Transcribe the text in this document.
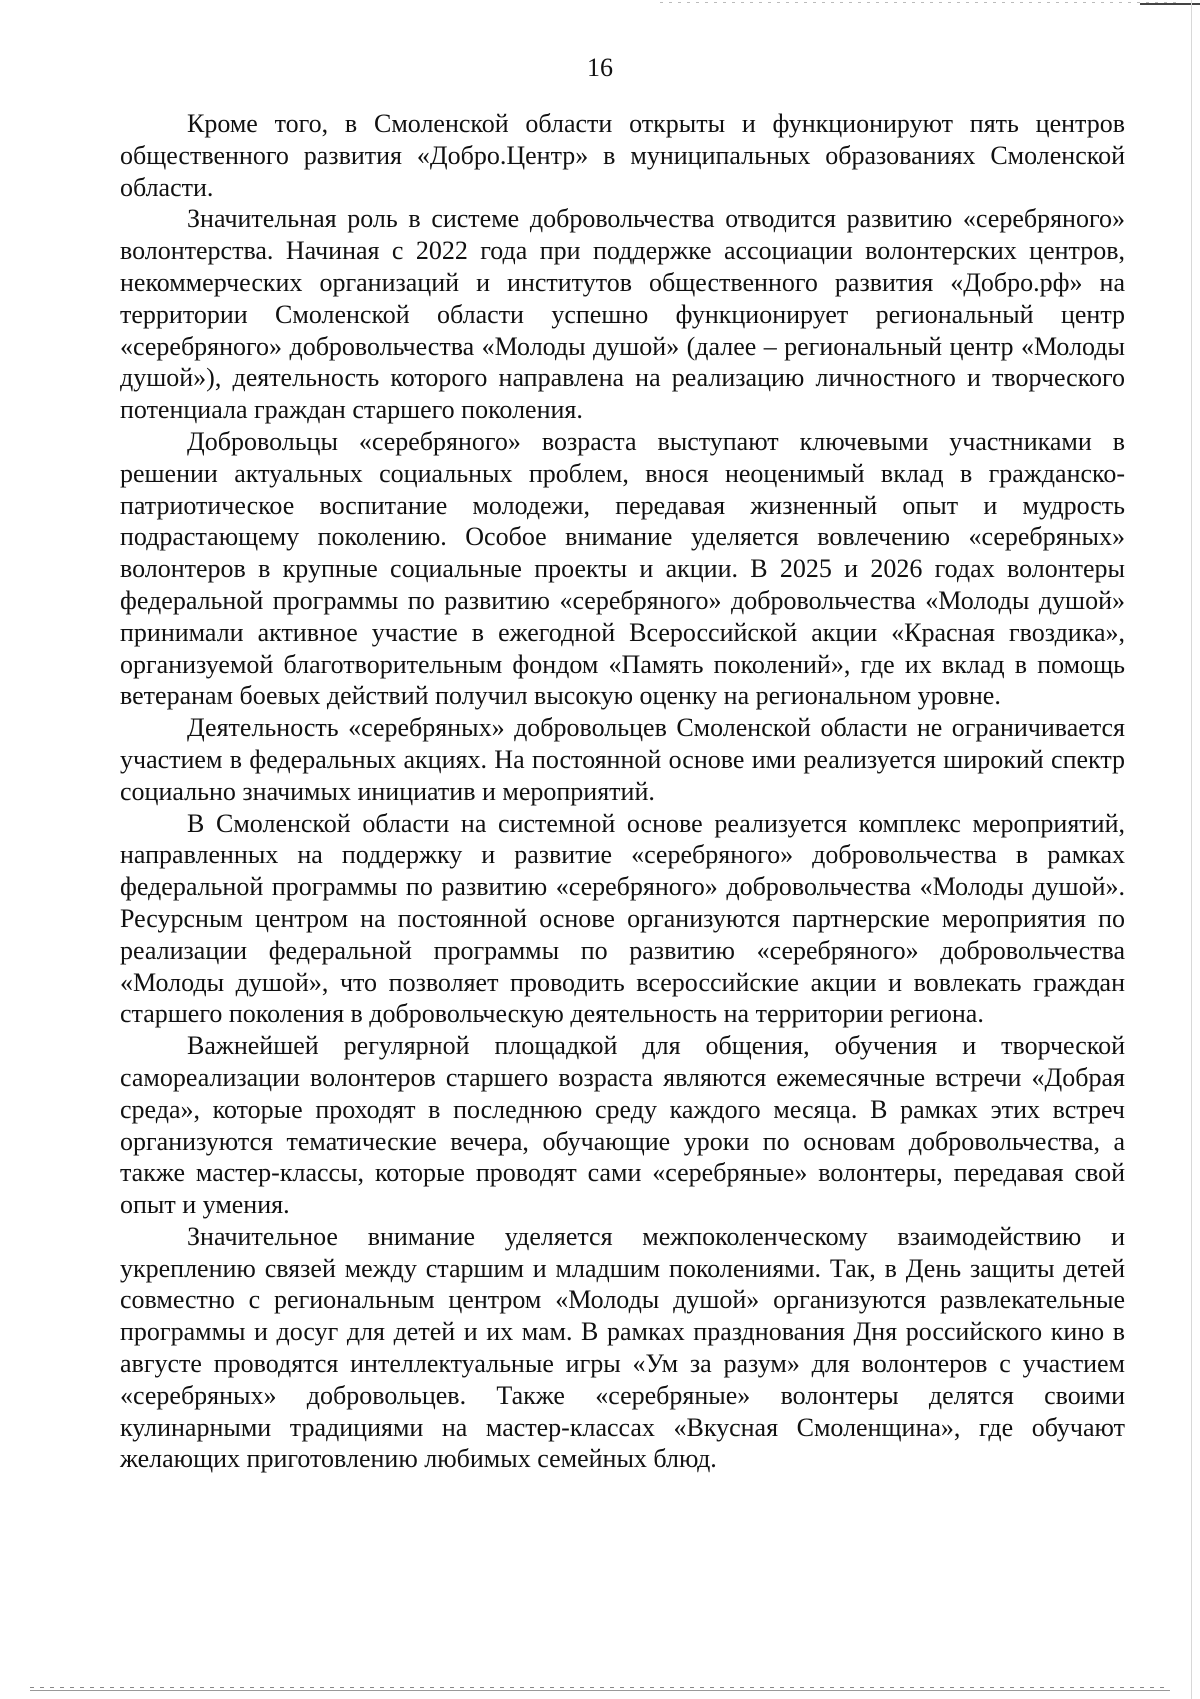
16

Кроме того, в Смоленской области открыты и функционируют пять центров общественного развития «Добро.Центр» в муниципальных образованиях Смоленской области.

Значительная роль в системе добровольчества отводится развитию «серебряного» волонтерства. Начиная с 2022 года при поддержке ассоциации волонтерских центров, некоммерческих организаций и институтов общественного развития «Добро.рф» на территории Смоленской области успешно функционирует региональный центр «серебряного» добровольчества «Молоды душой» (далее – региональный центр «Молоды душой»), деятельность которого направлена на реализацию личностного и творческого потенциала граждан старшего поколения.

Добровольцы «серебряного» возраста выступают ключевыми участниками в решении актуальных социальных проблем, внося неоценимый вклад в гражданско-патриотическое воспитание молодежи, передавая жизненный опыт и мудрость подрастающему поколению. Особое внимание уделяется вовлечению «серебряных» волонтеров в крупные социальные проекты и акции. В 2025 и 2026 годах волонтеры федеральной программы по развитию «серебряного» добровольчества «Молоды душой» принимали активное участие в ежегодной Всероссийской акции «Красная гвоздика», организуемой благотворительным фондом «Память поколений», где их вклад в помощь ветеранам боевых действий получил высокую оценку на региональном уровне.

Деятельность «серебряных» добровольцев Смоленской области не ограничивается участием в федеральных акциях. На постоянной основе ими реализуется широкий спектр социально значимых инициатив и мероприятий.

В Смоленской области на системной основе реализуется комплекс мероприятий, направленных на поддержку и развитие «серебряного» добровольчества в рамках федеральной программы по развитию «серебряного» добровольчества «Молоды душой». Ресурсным центром на постоянной основе организуются партнерские мероприятия по реализации федеральной программы по развитию «серебряного» добровольчества «Молоды душой», что позволяет проводить всероссийские акции и вовлекать граждан старшего поколения в добровольческую деятельность на территории региона.

Важнейшей регулярной площадкой для общения, обучения и творческой самореализации волонтеров старшего возраста являются ежемесячные встречи «Добрая среда», которые проходят в последнюю среду каждого месяца. В рамках этих встреч организуются тематические вечера, обучающие уроки по основам добровольчества, а также мастер-классы, которые проводят сами «серебряные» волонтеры, передавая свой опыт и умения.

Значительное внимание уделяется межпоколенческому взаимодействию и укреплению связей между старшим и младшим поколениями. Так, в День защиты детей совместно с региональным центром «Молоды душой» организуются развлекательные программы и досуг для детей и их мам. В рамках празднования Дня российского кино в августе проводятся интеллектуальные игры «Ум за разум» для волонтеров с участием «серебряных» добровольцев. Также «серебряные» волонтеры делятся своими кулинарными традициями на мастер-классах «Вкусная Смоленщина», где обучают желающих приготовлению любимых семейных блюд.
